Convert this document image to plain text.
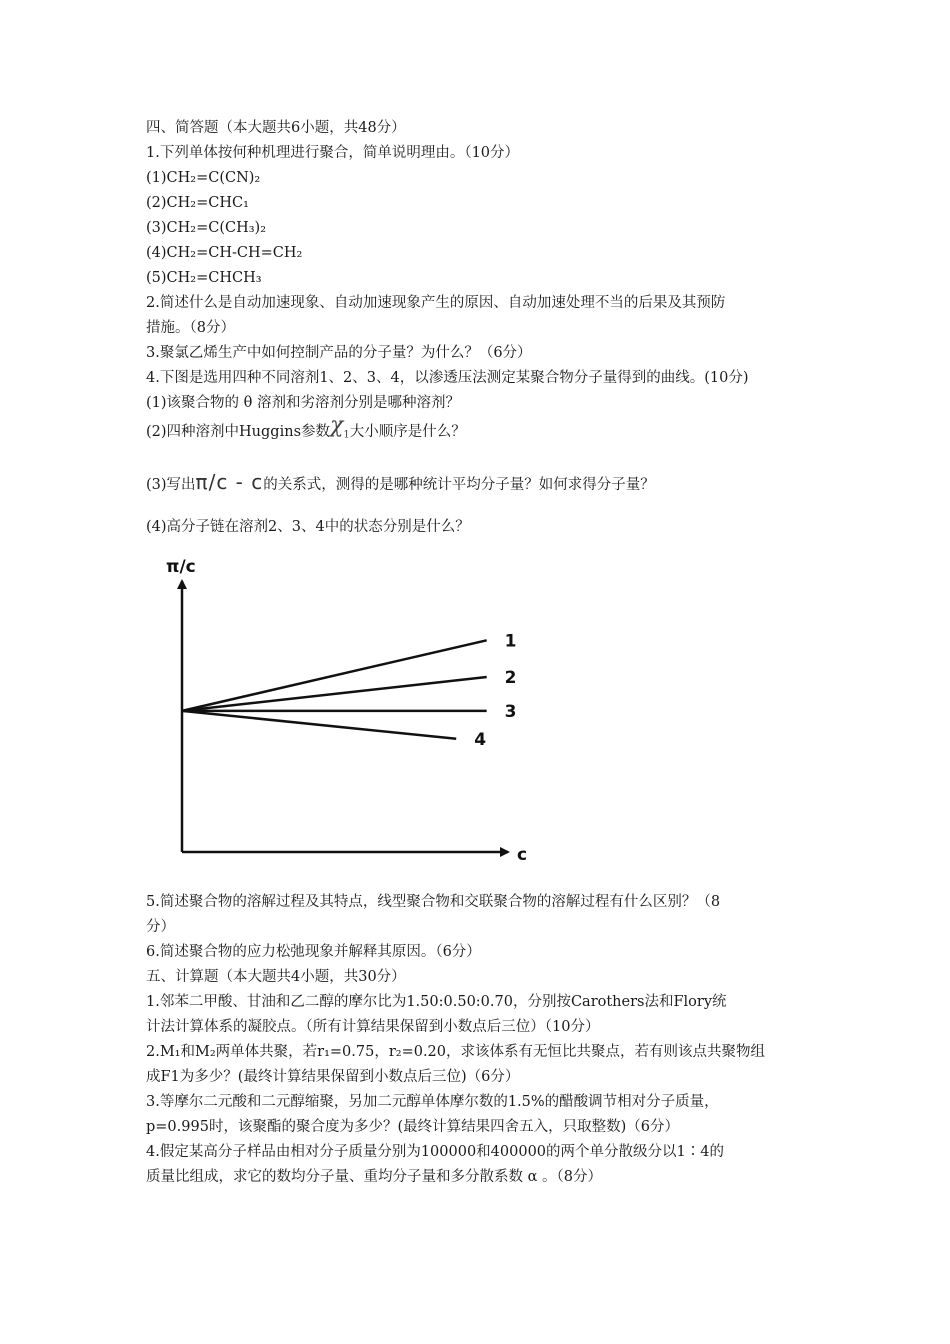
四、简答题（本大题共6小题，共48分）
1.下列单体按何种机理进行聚合，简单说明理由。（10分）
(1)CH₂=C(CN)₂
(2)CH₂=CHC₁
(3)CH₂=C(CH₃)₂
(4)CH₂=CH-CH=CH₂
(5)CH₂=CHCH₃
2.简述什么是自动加速现象、自动加速现象产生的原因、自动加速处理不当的后果及其预防
措施。（8分）
3.聚氯乙烯生产中如何控制产品的分子量？为什么？（6分）
4.下图是选用四种不同溶剂1、2、3、4，以渗透压法测定某聚合物分子量得到的曲线。(10分)
(1)该聚合物的 θ 溶剂和劣溶剂分别是哪种溶剂？
(2)四种溶剂中Huggins参数$\chi_1$大小顺序是什么？
(3)写出π/c - c的关系式，测得的是哪种统计平均分子量？如何求得分子量？
(4)高分子链在溶剂2、3、4中的状态分别是什么？
π/c
c
1
2
3
4
5.简述聚合物的溶解过程及其特点，线型聚合物和交联聚合物的溶解过程有什么区别？（8
分）
6.简述聚合物的应力松弛现象并解释其原因。（6分）
五、计算题（本大题共4小题，共30分）
1.邻苯二甲酸、甘油和乙二醇的摩尔比为1.50:0.50:0.70，分别按Carothers法和Flory统
计法计算体系的凝胶点。（所有计算结果保留到小数点后三位）（10分）
2.M₁和M₂两单体共聚，若r₁=0.75，r₂=0.20，求该体系有无恒比共聚点，若有则该点共聚物组
成F1为多少？(最终计算结果保留到小数点后三位)（6分）
3.等摩尔二元酸和二元醇缩聚，另加二元醇单体摩尔数的1.5%的醋酸调节相对分子质量，
p=0.995时，该聚酯的聚合度为多少？(最终计算结果四舍五入，只取整数)（6分）
4.假定某高分子样品由相对分子质量分别为100000和400000的两个单分散级分以1∶4的
质量比组成，求它的数均分子量、重均分子量和多分散系数 α 。（8分）
